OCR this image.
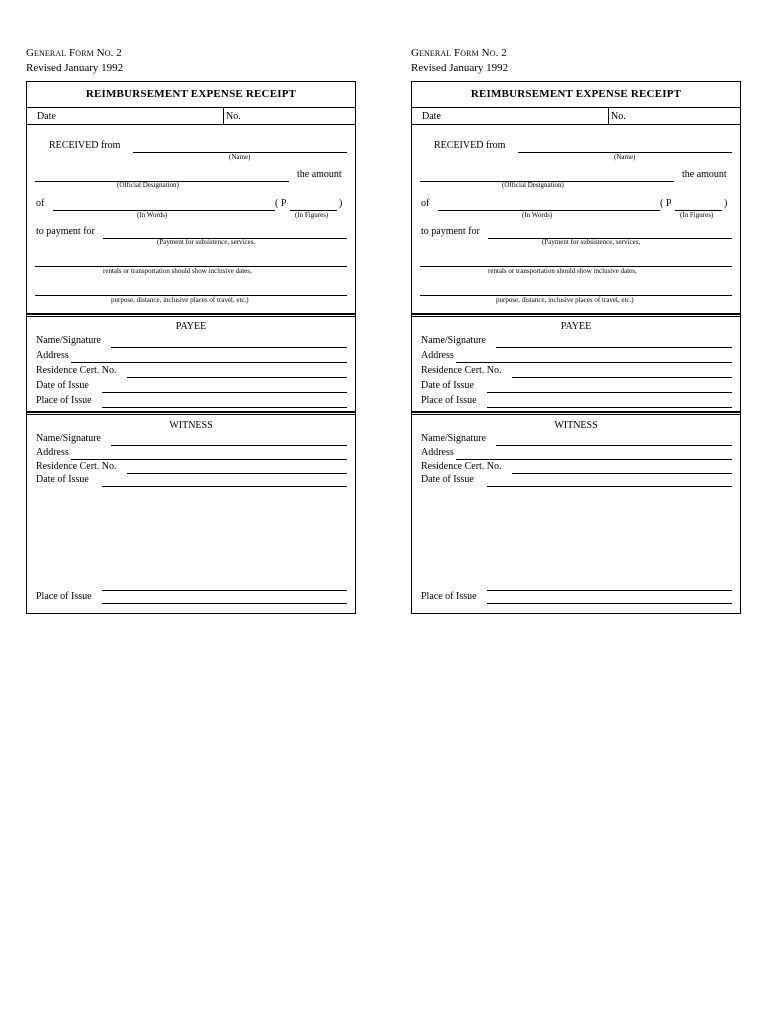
General Form No. 2
Revised January 1992
REIMBURSEMENT EXPENSE RECEIPT
Date	No.
RECEIVED from
(Name)
the amount
(Official Designation)
of	( P	)
(In Words)	(In Figures)
to payment for
(Payment for subsistence, services,
rentals or transportation should show inclusive dates,
purpose, distance, inclusive places of travel, etc.)
PAYEE
Name/Signature
Address
Residence Cert. No.
Date of Issue
Place of Issue
WITNESS
Name/Signature
Address
Residence Cert. No.
Date of Issue
Place of Issue
General Form No. 2
Revised January 1992
REIMBURSEMENT EXPENSE RECEIPT
Date	No.
RECEIVED from
(Name)
the amount
(Official Designation)
of	( P	)
(In Words)	(In Figures)
to payment for
(Payment for subsistence, services,
rentals or transportation should show inclusive dates,
purpose, distance, inclusive places of travel, etc.)
PAYEE
Name/Signature
Address
Residence Cert. No.
Date of Issue
Place of Issue
WITNESS
Name/Signature
Address
Residence Cert. No.
Date of Issue
Place of Issue
